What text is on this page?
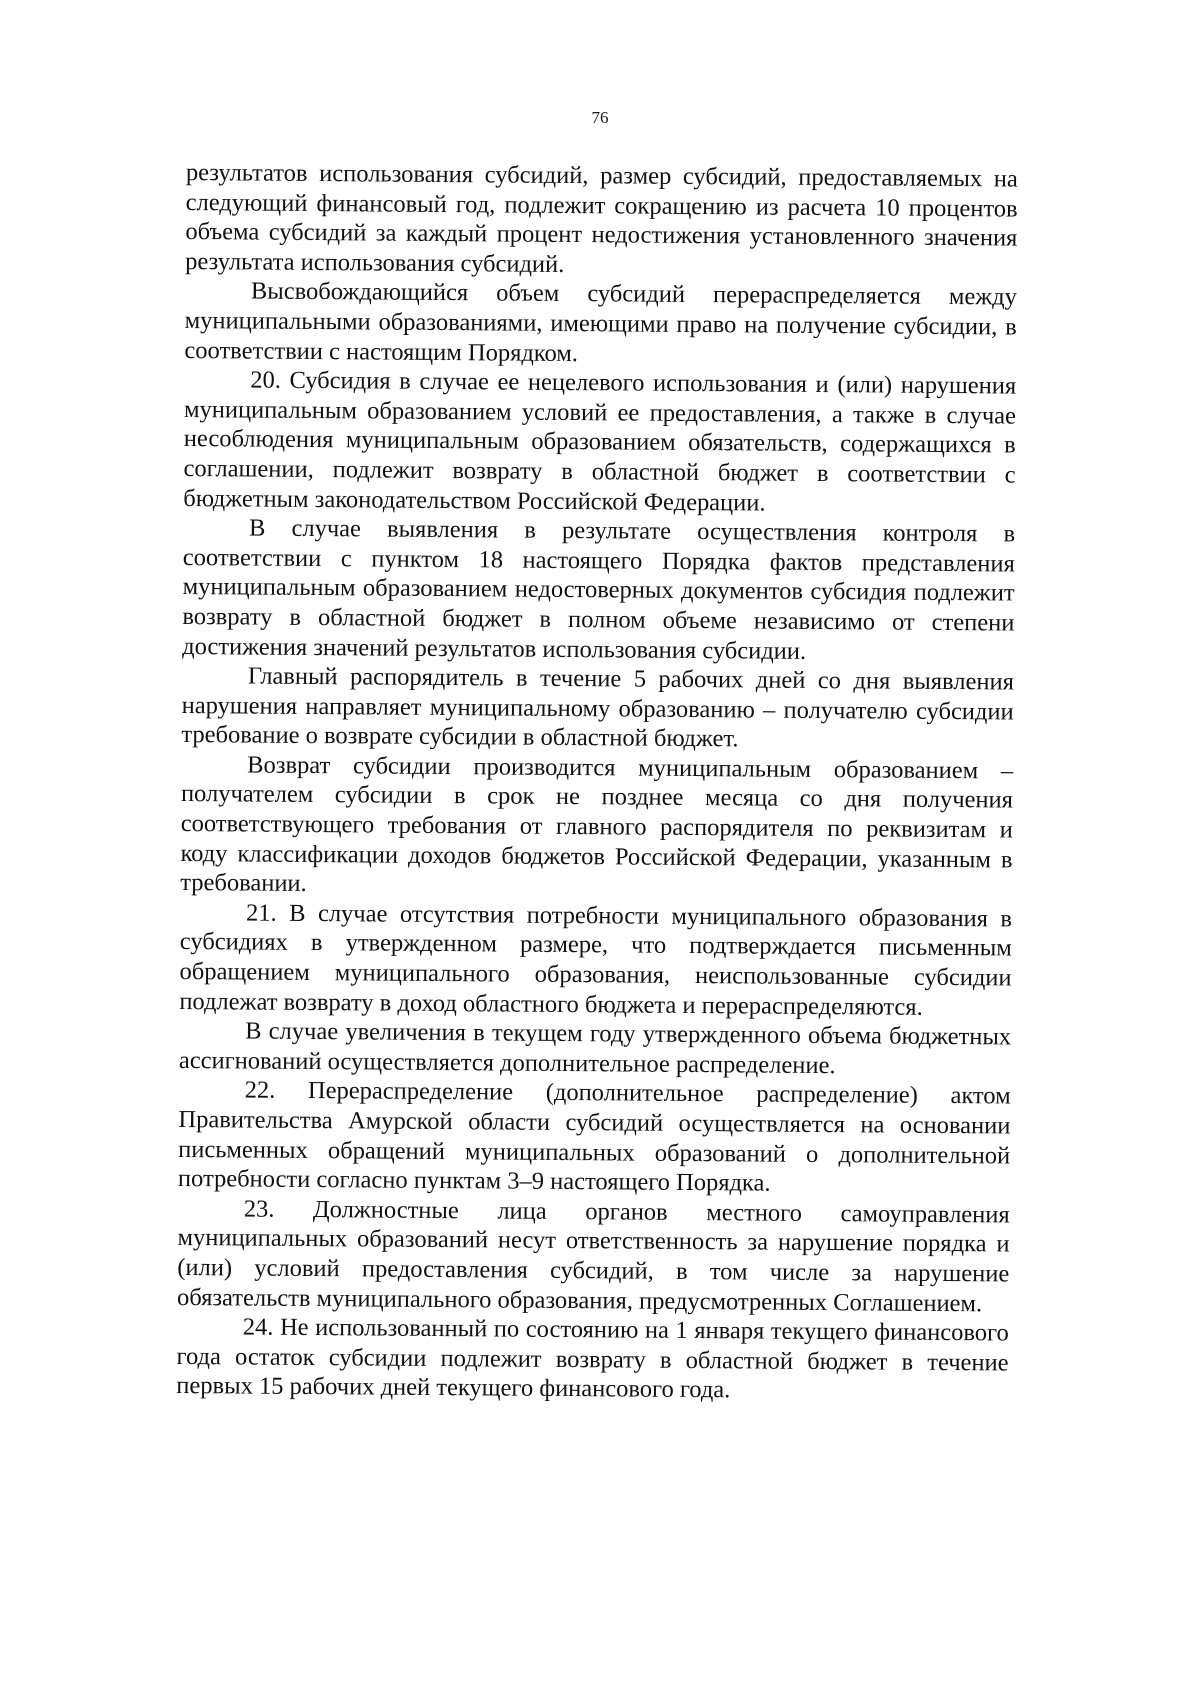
76

результатов использования субсидий, размер субсидий, предоставляемых на следующий финансовый год, подлежит сокращению из расчета 10 процентов объема субсидий за каждый процент недостижения установленного значения результата использования субсидий.

Высвобождающийся объем субсидий перераспределяется между муниципальными образованиями, имеющими право на получение субсидии, в соответствии с настоящим Порядком.

20. Субсидия в случае ее нецелевого использования и (или) нарушения муниципальным образованием условий ее предоставления, а также в случае несоблюдения муниципальным образованием обязательств, содержащихся в соглашении, подлежит возврату в областной бюджет в соответствии с бюджетным законодательством Российской Федерации.

В случае выявления в результате осуществления контроля в соответствии с пунктом 18 настоящего Порядка фактов представления муниципальным образованием недостоверных документов субсидия подлежит возврату в областной бюджет в полном объеме независимо от степени достижения значений результатов использования субсидии.

Главный распорядитель в течение 5 рабочих дней со дня выявления нарушения направляет муниципальному образованию – получателю субсидии требование о возврате субсидии в областной бюджет.

Возврат субсидии производится муниципальным образованием – получателем субсидии в срок не позднее месяца со дня получения соответствующего требования от главного распорядителя по реквизитам и коду классификации доходов бюджетов Российской Федерации, указанным в требовании.

21. В случае отсутствия потребности муниципального образования в субсидиях в утвержденном размере, что подтверждается письменным обращением муниципального образования, неиспользованные субсидии подлежат возврату в доход областного бюджета и перераспределяются.

В случае увеличения в текущем году утвержденного объема бюджетных ассигнований осуществляется дополнительное распределение.

22. Перераспределение (дополнительное распределение) актом Правительства Амурской области субсидий осуществляется на основании письменных обращений муниципальных образований о дополнительной потребности согласно пунктам 3–9 настоящего Порядка.

23. Должностные лица органов местного самоуправления муниципальных образований несут ответственность за нарушение порядка и (или) условий предоставления субсидий, в том числе за нарушение обязательств муниципального образования, предусмотренных Соглашением.

24. Не использованный по состоянию на 1 января текущего финансового года остаток субсидии подлежит возврату в областной бюджет в течение первых 15 рабочих дней текущего финансового года.
